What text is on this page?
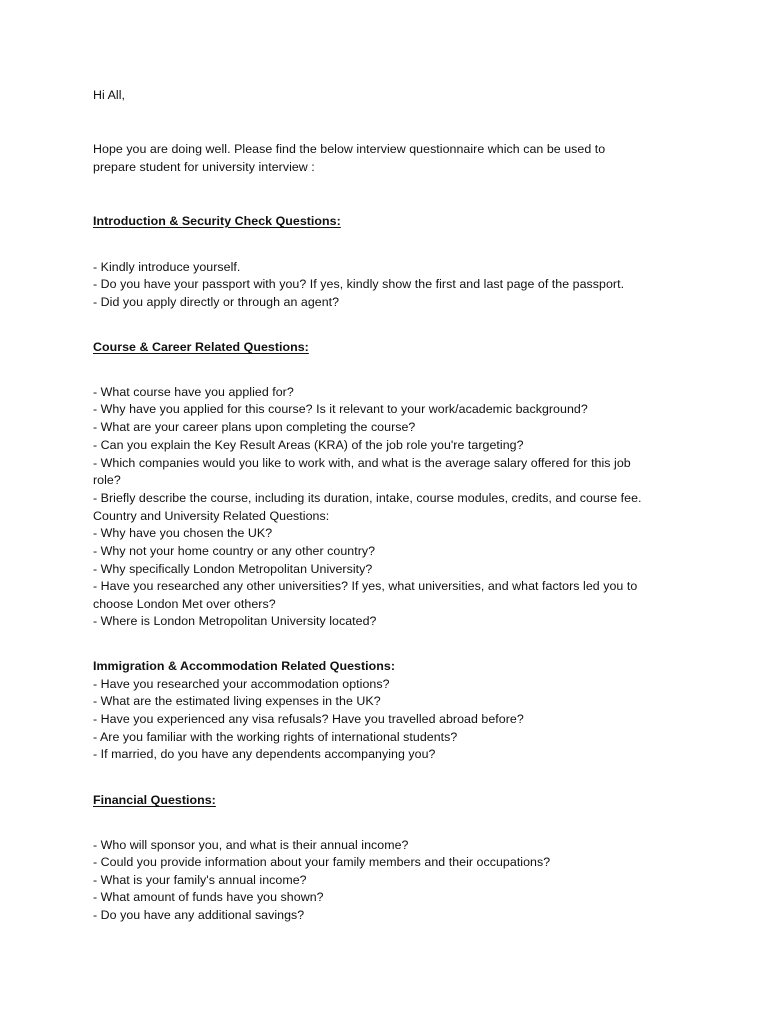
Hi All,
Hope you are doing well. Please find the below interview questionnaire which can be used to
prepare student for university interview :
Introduction & Security Check Questions:
- Kindly introduce yourself.
- Do you have your passport with you? If yes, kindly show the first and last page of the passport.
- Did you apply directly or through an agent?
Course & Career Related Questions:
- What course have you applied for?
- Why have you applied for this course? Is it relevant to your work/academic background?
- What are your career plans upon completing the course?
- Can you explain the Key Result Areas (KRA) of the job role you're targeting?
- Which companies would you like to work with, and what is the average salary offered for this job
role?
- Briefly describe the course, including its duration, intake, course modules, credits, and course fee.
Country and University Related Questions:
- Why have you chosen the UK?
- Why not your home country or any other country?
- Why specifically London Metropolitan University?
- Have you researched any other universities? If yes, what universities, and what factors led you to
choose London Met over others?
- Where is London Metropolitan University located?
Immigration & Accommodation Related Questions:
- Have you researched your accommodation options?
- What are the estimated living expenses in the UK?
- Have you experienced any visa refusals? Have you travelled abroad before?
- Are you familiar with the working rights of international students?
- If married, do you have any dependents accompanying you?
Financial Questions:
- Who will sponsor you, and what is their annual income?
- Could you provide information about your family members and their occupations?
- What is your family's annual income?
- What amount of funds have you shown?
- Do you have any additional savings?
